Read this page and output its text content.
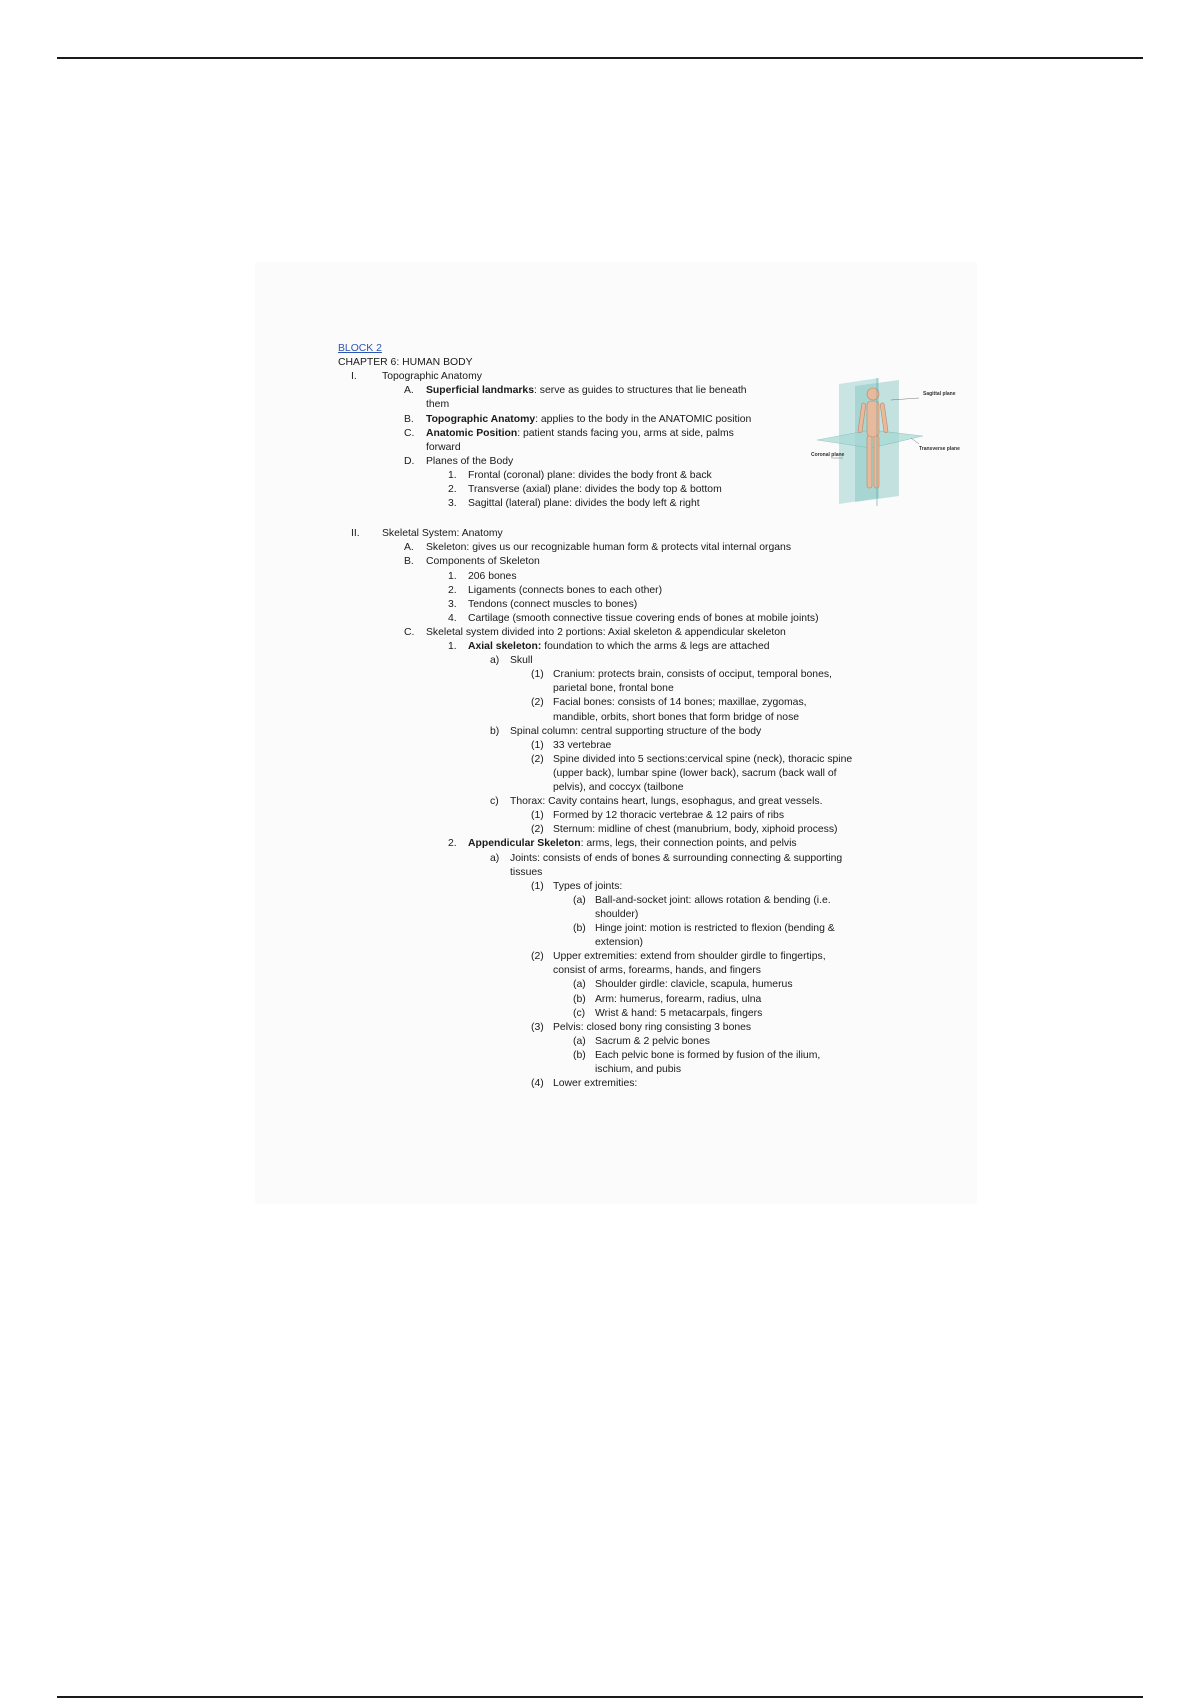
BLOCK 2
CHAPTER 6: HUMAN BODY
I. Topographic Anatomy
A. Superficial landmarks: serve as guides to structures that lie beneath
them
B. Topographic Anatomy: applies to the body in the ANATOMIC position
C. Anatomic Position: patient stands facing you, arms at side, palms
forward
D. Planes of the Body
1. Frontal (coronal) plane: divides the body front & back
2. Transverse (axial) plane: divides the body top & bottom
3. Sagittal (lateral) plane: divides the body left & right
II. Skeletal System: Anatomy
A. Skeleton: gives us our recognizable human form & protects vital internal organs
B. Components of Skeleton
1. 206 bones
2. Ligaments (connects bones to each other)
3. Tendons (connect muscles to bones)
4. Cartilage (smooth connective tissue covering ends of bones at mobile joints)
C. Skeletal system divided into 2 portions: Axial skeleton & appendicular skeleton
1. Axial skeleton: foundation to which the arms & legs are attached
a) Skull
(1) Cranium: protects brain, consists of occiput, temporal bones,
parietal bone, frontal bone
(2) Facial bones: consists of 14 bones; maxillae, zygomas,
mandible, orbits, short bones that form bridge of nose
b) Spinal column: central supporting structure of the body
(1) 33 vertebrae
(2) Spine divided into 5 sections:cervical spine (neck), thoracic spine
(upper back), lumbar spine (lower back), sacrum (back wall of
pelvis), and coccyx (tailbone
c) Thorax: Cavity contains heart, lungs, esophagus, and great vessels.
(1) Formed by 12 thoracic vertebrae & 12 pairs of ribs
(2) Sternum: midline of chest (manubrium, body, xiphoid process)
2. Appendicular Skeleton: arms, legs, their connection points, and pelvis
a) Joints: consists of ends of bones & surrounding connecting & supporting
tissues
(1) Types of joints:
(a) Ball-and-socket joint: allows rotation & bending (i.e.
shoulder)
(b) Hinge joint: motion is restricted to flexion (bending &
extension)
(2) Upper extremities: extend from shoulder girdle to fingertips,
consist of arms, forearms, hands, and fingers
(a) Shoulder girdle: clavicle, scapula, humerus
(b) Arm: humerus, forearm, radius, ulna
(c) Wrist & hand: 5 metacarpals, fingers
(3) Pelvis: closed bony ring consisting 3 bones
(a) Sacrum & 2 pelvic bones
(b) Each pelvic bone is formed by fusion of the ilium,
ischium, and pubis
(4) Lower extremities:
Sagittal plane
Transverse plane
Coronal plane
